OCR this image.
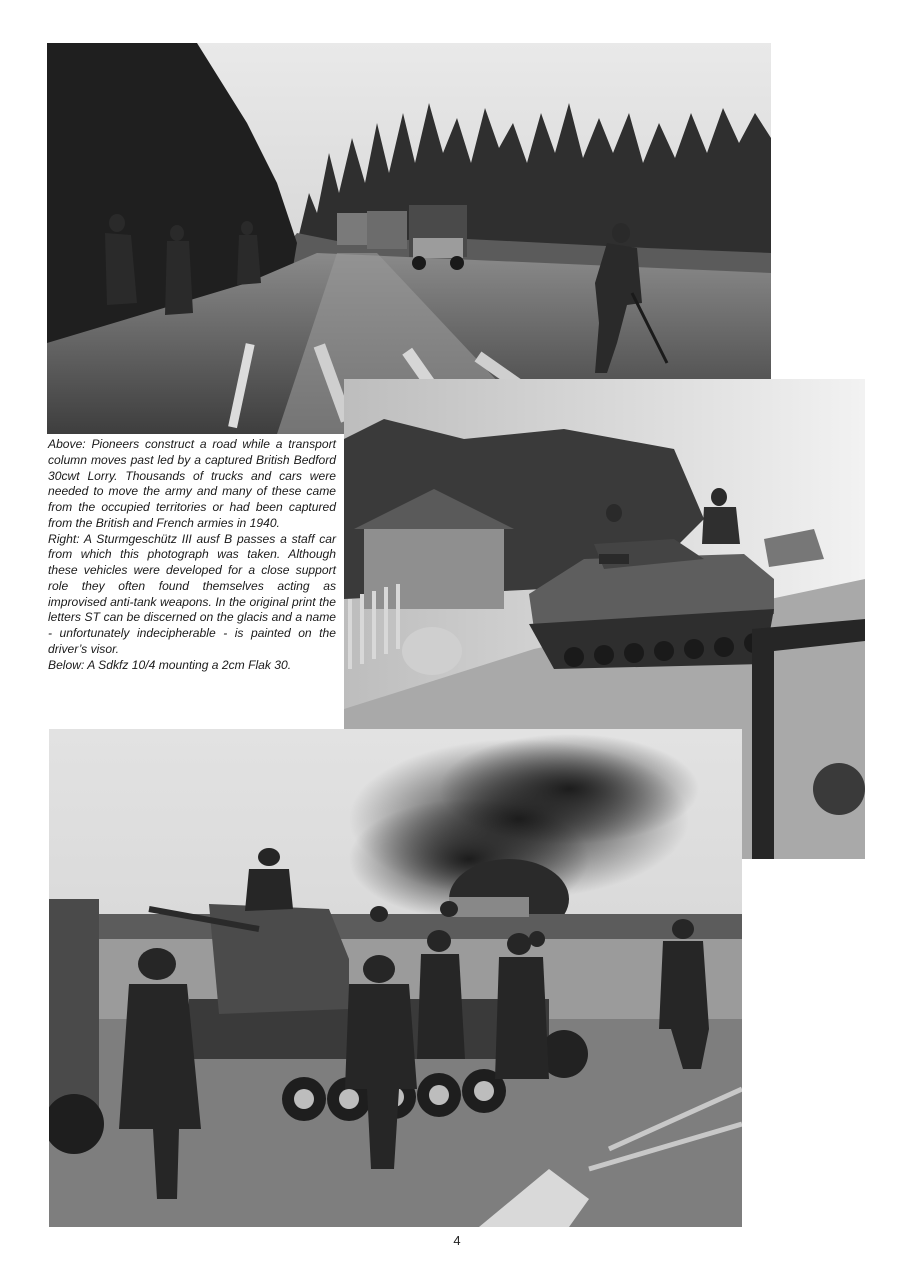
Above: Pioneers construct a road while a transport column moves past led by a captured British Bedford 30cwt Lorry. Thousands of trucks and cars were needed to move the army and many of these came from the occupied territories or had been captured from the British and French armies in 1940.

Right: A Sturmgeschütz III ausf B passes a staff car from which this photograph was taken. Although these vehicles were developed for a close support role they often found themselves acting as improvised anti-tank weapons. In the original print the letters ST can be discerned on the glacis and a name - unfortunately indecipherable - is painted on the driver’s visor.

Below: A Sdkfz 10/4 mounting a 2cm Flak 30.

4
